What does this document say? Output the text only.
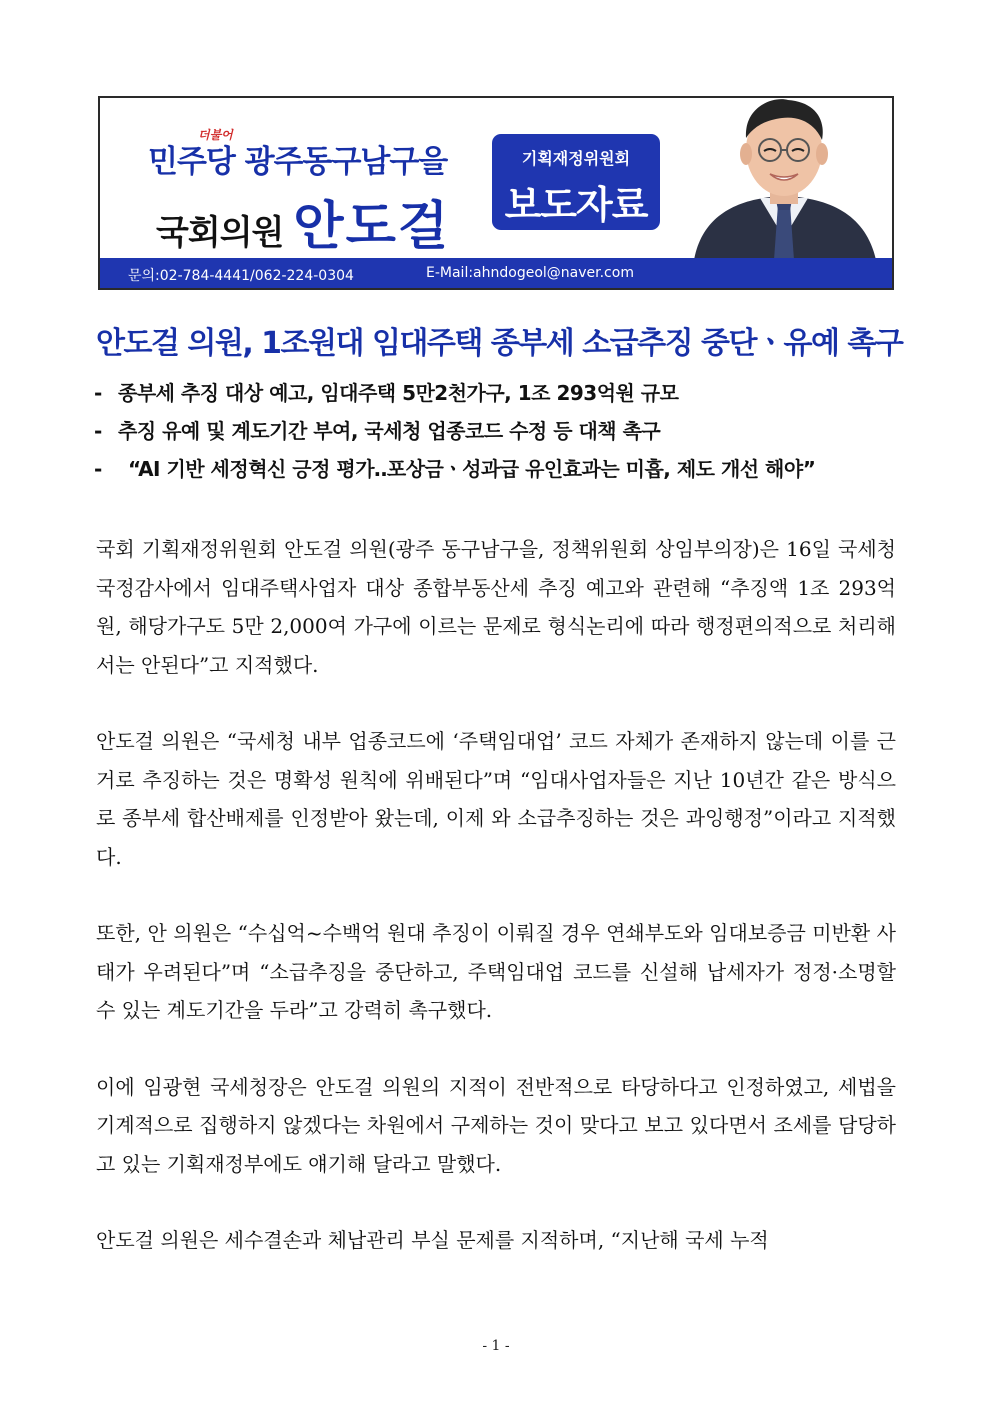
더불어
민주당 광주동구남구을
국회의원 안도걸
기획재정위원회
보도자료
문의:02-784-4441/062-224-0304	E-Mail:ahndogeol@naver.com
안도걸 의원, 1조원대 임대주택 종부세 소급추징 중단ㆍ유예 촉구
- 종부세 추징 대상 예고, 임대주택 5만2천가구, 1조 293억원 규모
- 추징 유예 및 계도기간 부여, 국세청 업종코드 수정 등 대책 촉구
- “AI 기반 세정혁신 긍정 평가‥포상금ㆍ성과급 유인효과는 미흡, 제도 개선 해야”

국회 기획재정위원회 안도걸 의원(광주 동구남구을, 정책위원회 상임부의장)은 16일 국세청 국정감사에서 임대주택사업자 대상 종합부동산세 추징 예고와 관련해 “추징액 1조 293억원, 해당가구도 5만 2,000여 가구에 이르는 문제로 형식논리에 따라 행정편의적으로 처리해서는 안된다”고 지적했다.

안도걸 의원은 “국세청 내부 업종코드에 ‘주택임대업’ 코드 자체가 존재하지 않는데 이를 근거로 추징하는 것은 명확성 원칙에 위배된다”며 “임대사업자들은 지난 10년간 같은 방식으로 종부세 합산배제를 인정받아 왔는데, 이제 와 소급추징하는 것은 과잉행정”이라고 지적했다.

또한, 안 의원은 “수십억~수백억 원대 추징이 이뤄질 경우 연쇄부도와 임대보증금 미반환 사태가 우려된다”며 “소급추징을 중단하고, 주택임대업 코드를 신설해 납세자가 정정·소명할 수 있는 계도기간을 두라”고 강력히 촉구했다.

이에 임광현 국세청장은 안도걸 의원의 지적이 전반적으로 타당하다고 인정하였고, 세법을 기계적으로 집행하지 않겠다는 차원에서 구제하는 것이 맞다고 보고 있다면서 조세를 담당하고 있는 기획재정부에도 얘기해 달라고 말했다.

안도걸 의원은 세수결손과 체납관리 부실 문제를 지적하며, “지난해 국세 누적

- 1 -
